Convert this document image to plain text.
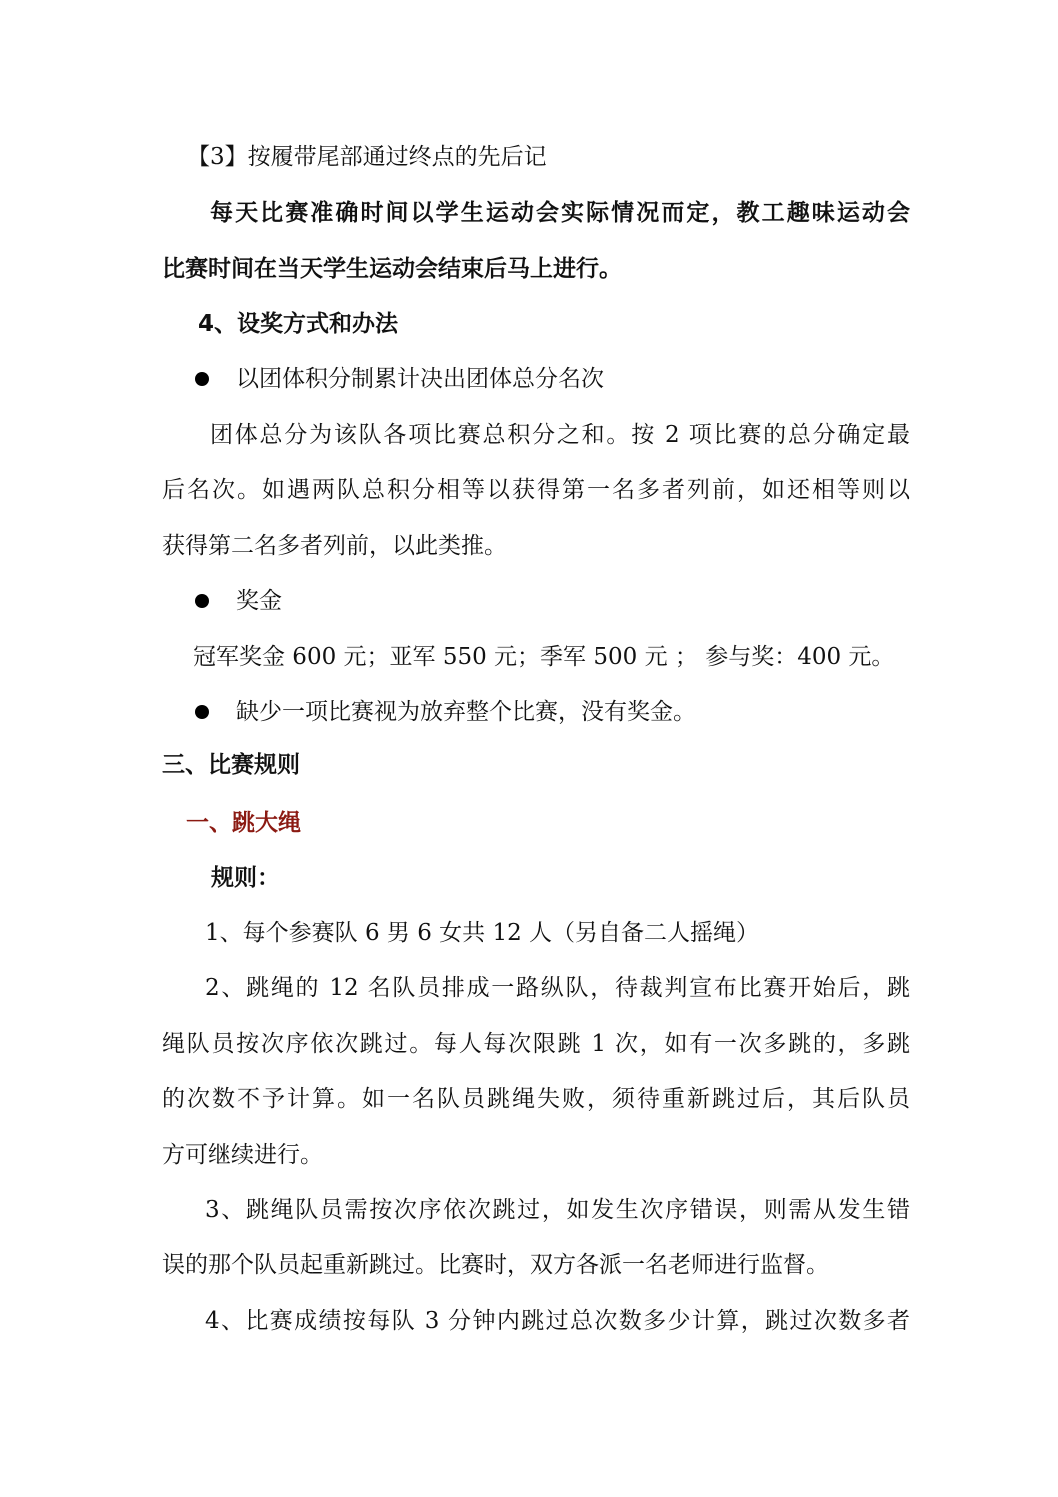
【3】按履带尾部通过终点的先后记
每天比赛准确时间以学生运动会实际情况而定，教工趣味运动会
比赛时间在当天学生运动会结束后马上进行。
4、设奖方式和办法
以团体积分制累计决出团体总分名次
团体总分为该队各项比赛总积分之和。按 2 项比赛的总分确定最
后名次。如遇两队总积分相等以获得第一名多者列前，如还相等则以
获得第二名多者列前，以此类推。
奖金
冠军奖金 600 元；亚军 550 元；季军 500 元 ； 参与奖：400 元。
缺少一项比赛视为放弃整个比赛，没有奖金。
三、比赛规则
一、跳大绳
规则：
1、每个参赛队 6 男 6 女共 12 人（另自备二人摇绳）
2、跳绳的 12 名队员排成一路纵队，待裁判宣布比赛开始后，跳
绳队员按次序依次跳过。每人每次限跳 1 次，如有一次多跳的，多跳
的次数不予计算。如一名队员跳绳失败，须待重新跳过后，其后队员
方可继续进行。
3、跳绳队员需按次序依次跳过，如发生次序错误，则需从发生错
误的那个队员起重新跳过。比赛时，双方各派一名老师进行监督。
4、比赛成绩按每队 3 分钟内跳过总次数多少计算，跳过次数多者
